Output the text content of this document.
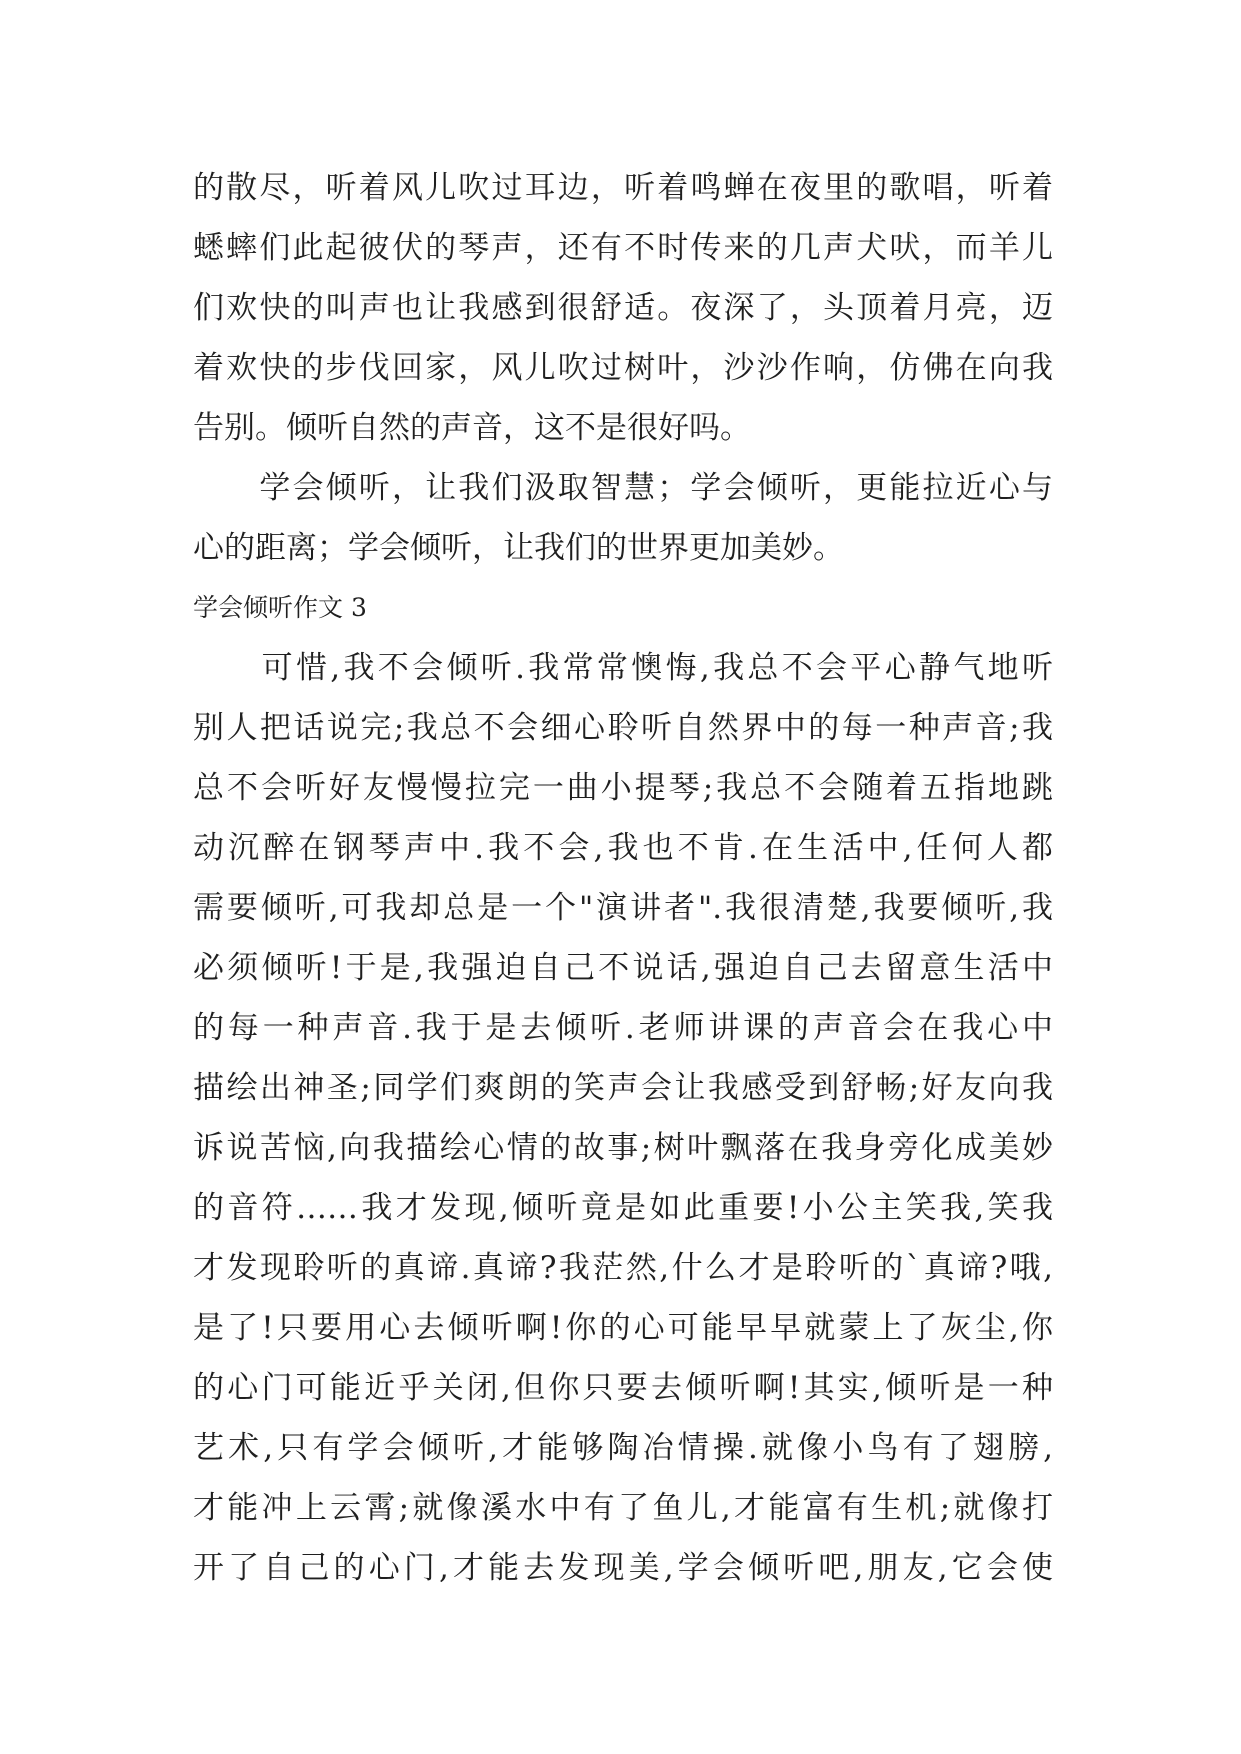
的散尽，听着风儿吹过耳边，听着鸣蝉在夜里的歌唱，听着
蟋蟀们此起彼伏的琴声，还有不时传来的几声犬吠，而羊儿
们欢快的叫声也让我感到很舒适。夜深了，头顶着月亮，迈
着欢快的步伐回家，风儿吹过树叶，沙沙作响，仿佛在向我
告别。倾听自然的声音，这不是很好吗。
　　学会倾听，让我们汲取智慧；学会倾听，更能拉近心与
心的距离；学会倾听，让我们的世界更加美妙。
学会倾听作文 3
　　可惜,我不会倾听.我常常懊悔,我总不会平心静气地听
别人把话说完;我总不会细心聆听自然界中的每一种声音;我
总不会听好友慢慢拉完一曲小提琴;我总不会随着五指地跳
动沉醉在钢琴声中.我不会,我也不肯.在生活中,任何人都
需要倾听,可我却总是一个"演讲者".我很清楚,我要倾听,我
必须倾听!于是,我强迫自己不说话,强迫自己去留意生活中
的每一种声音.我于是去倾听.老师讲课的声音会在我心中
描绘出神圣;同学们爽朗的笑声会让我感受到舒畅;好友向我
诉说苦恼,向我描绘心情的故事;树叶飘落在我身旁化成美妙
的音符……我才发现,倾听竟是如此重要!小公主笑我,笑我
才发现聆听的真谛.真谛?我茫然,什么才是聆听的`真谛?哦,
是了!只要用心去倾听啊!你的心可能早早就蒙上了灰尘,你
的心门可能近乎关闭,但你只要去倾听啊!其实,倾听是一种
艺术,只有学会倾听,才能够陶冶情操.就像小鸟有了翅膀,
才能冲上云霄;就像溪水中有了鱼儿,才能富有生机;就像打
开了自己的心门,才能去发现美,学会倾听吧,朋友,它会使
